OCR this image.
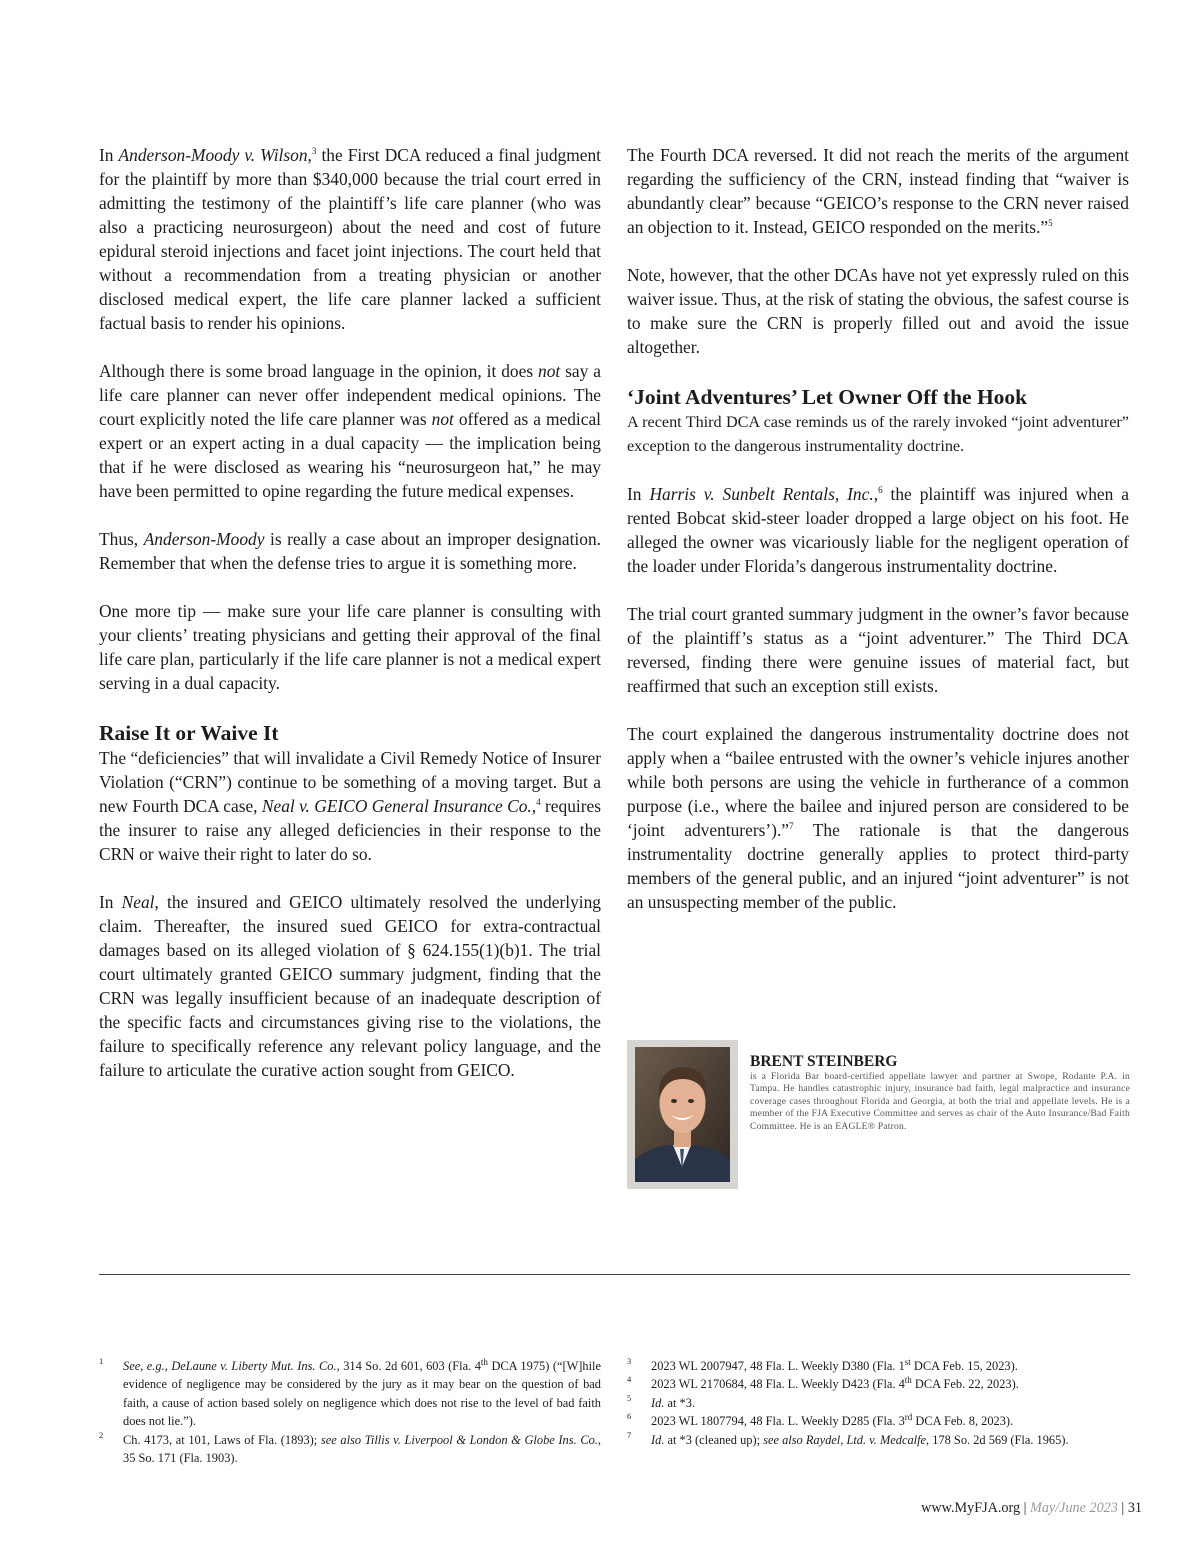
In Anderson-Moody v. Wilson,$^3$ the First DCA reduced a final judgment for the plaintiff by more than $340,000 because the trial court erred in admitting the testimony of the plaintiff’s life care planner (who was also a practicing neurosurgeon) about the need and cost of future epidural steroid injections and facet joint injections. The court held that without a recommendation from a treating physician or another disclosed medical expert, the life care planner lacked a sufficient factual basis to render his opinions.

Although there is some broad language in the opinion, it does not say a life care planner can never offer independent medical opinions. The court explicitly noted the life care planner was not offered as a medical expert or an expert acting in a dual capacity — the implication being that if he were disclosed as wearing his “neurosurgeon hat,” he may have been permitted to opine regarding the future medical expenses.

Thus, Anderson-Moody is really a case about an improper designation. Remember that when the defense tries to argue it is something more.

One more tip — make sure your life care planner is consulting with your clients’ treating physicians and getting their approval of the final life care plan, particularly if the life care planner is not a medical expert serving in a dual capacity.

Raise It or Waive It

The “deficiencies” that will invalidate a Civil Remedy Notice of Insurer Violation (“CRN”) continue to be something of a moving target. But a new Fourth DCA case, Neal v. GEICO General Insurance Co.,$^4$ requires the insurer to raise any alleged deficiencies in their response to the CRN or waive their right to later do so.

In Neal, the insured and GEICO ultimately resolved the underlying claim. Thereafter, the insured sued GEICO for extra-contractual damages based on its alleged violation of § 624.155(1)(b)1. The trial court ultimately granted GEICO summary judgment, finding that the CRN was legally insufficient because of an inadequate description of the specific facts and circumstances giving rise to the violations, the failure to specifically reference any relevant policy language, and the failure to articulate the curative action sought from GEICO.

The Fourth DCA reversed. It did not reach the merits of the argument regarding the sufficiency of the CRN, instead finding that “waiver is abundantly clear” because “GEICO’s response to the CRN never raised an objection to it. Instead, GEICO responded on the merits.”$^5$

Note, however, that the other DCAs have not yet expressly ruled on this waiver issue. Thus, at the risk of stating the obvious, the safest course is to make sure the CRN is properly filled out and avoid the issue altogether.

‘Joint Adventures’ Let Owner Off the Hook

A recent Third DCA case reminds us of the rarely invoked “joint adventurer” exception to the dangerous instrumentality doctrine.

In Harris v. Sunbelt Rentals, Inc.,$^6$ the plaintiff was injured when a rented Bobcat skid-steer loader dropped a large object on his foot. He alleged the owner was vicariously liable for the negligent operation of the loader under Florida’s dangerous instrumentality doctrine.

The trial court granted summary judgment in the owner’s favor because of the plaintiff’s status as a “joint adventurer.” The Third DCA reversed, finding there were genuine issues of material fact, but reaffirmed that such an exception still exists.

The court explained the dangerous instrumentality doctrine does not apply when a “bailee entrusted with the owner’s vehicle injures another while both persons are using the vehicle in furtherance of a common purpose (i.e., where the bailee and injured person are considered to be ‘joint adventurers’).”$^7$ The rationale is that the dangerous instrumentality doctrine generally applies to protect third-party members of the general public, and an injured “joint adventurer” is not an unsuspecting member of the public.

BRENT STEINBERG

is a Florida Bar board-certified appellate lawyer and partner at Swope, Rodante P.A. in Tampa. He handles catastrophic injury, insurance bad faith, legal malpractice and insurance coverage cases throughout Florida and Georgia, at both the trial and appellate levels. He is a member of the FJA Executive Committee and serves as chair of the Auto Insurance/Bad Faith Committee. He is an EAGLE® Patron.

1	See, e.g., DeLaune v. Liberty Mut. Ins. Co., 314 So. 2d 601, 603 (Fla. 4th DCA 1975) (“[W]hile evidence of negligence may be considered by the jury as it may bear on the question of bad faith, a cause of action based solely on negligence which does not rise to the level of bad faith does not lie.”).
2	Ch. 4173, at 101, Laws of Fla. (1893); see also Tillis v. Liverpool & London & Globe Ins. Co., 35 So. 171 (Fla. 1903).
3	2023 WL 2007947, 48 Fla. L. Weekly D380 (Fla. 1st DCA Feb. 15, 2023).
4	2023 WL 2170684, 48 Fla. L. Weekly D423 (Fla. 4th DCA Feb. 22, 2023).
5	Id. at *3.
6	2023 WL 1807794, 48 Fla. L. Weekly D285 (Fla. 3rd DCA Feb. 8, 2023).
7	Id. at *3 (cleaned up); see also Raydel, Ltd. v. Medcalfe, 178 So. 2d 569 (Fla. 1965).
www.MyFJA.org | May/June 2023 | 31
